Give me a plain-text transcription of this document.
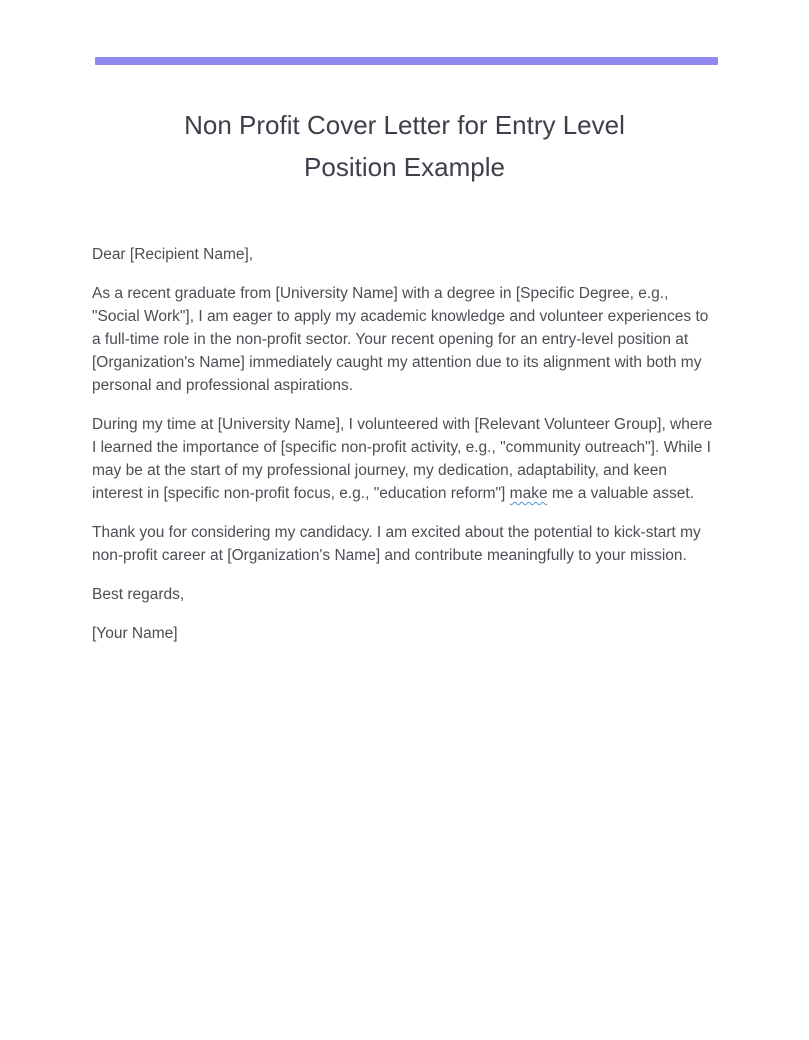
Non Profit Cover Letter for Entry Level Position Example

Dear [Recipient Name],

As a recent graduate from [University Name] with a degree in [Specific Degree, e.g., "Social Work"], I am eager to apply my academic knowledge and volunteer experiences to a full-time role in the non-profit sector. Your recent opening for an entry-level position at [Organization's Name] immediately caught my attention due to its alignment with both my personal and professional aspirations.

During my time at [University Name], I volunteered with [Relevant Volunteer Group], where I learned the importance of [specific non-profit activity, e.g., "community outreach"]. While I may be at the start of my professional journey, my dedication, adaptability, and keen interest in [specific non-profit focus, e.g., "education reform"] make me a valuable asset.

Thank you for considering my candidacy. I am excited about the potential to kick-start my non-profit career at [Organization's Name] and contribute meaningfully to your mission.

Best regards,

[Your Name]
